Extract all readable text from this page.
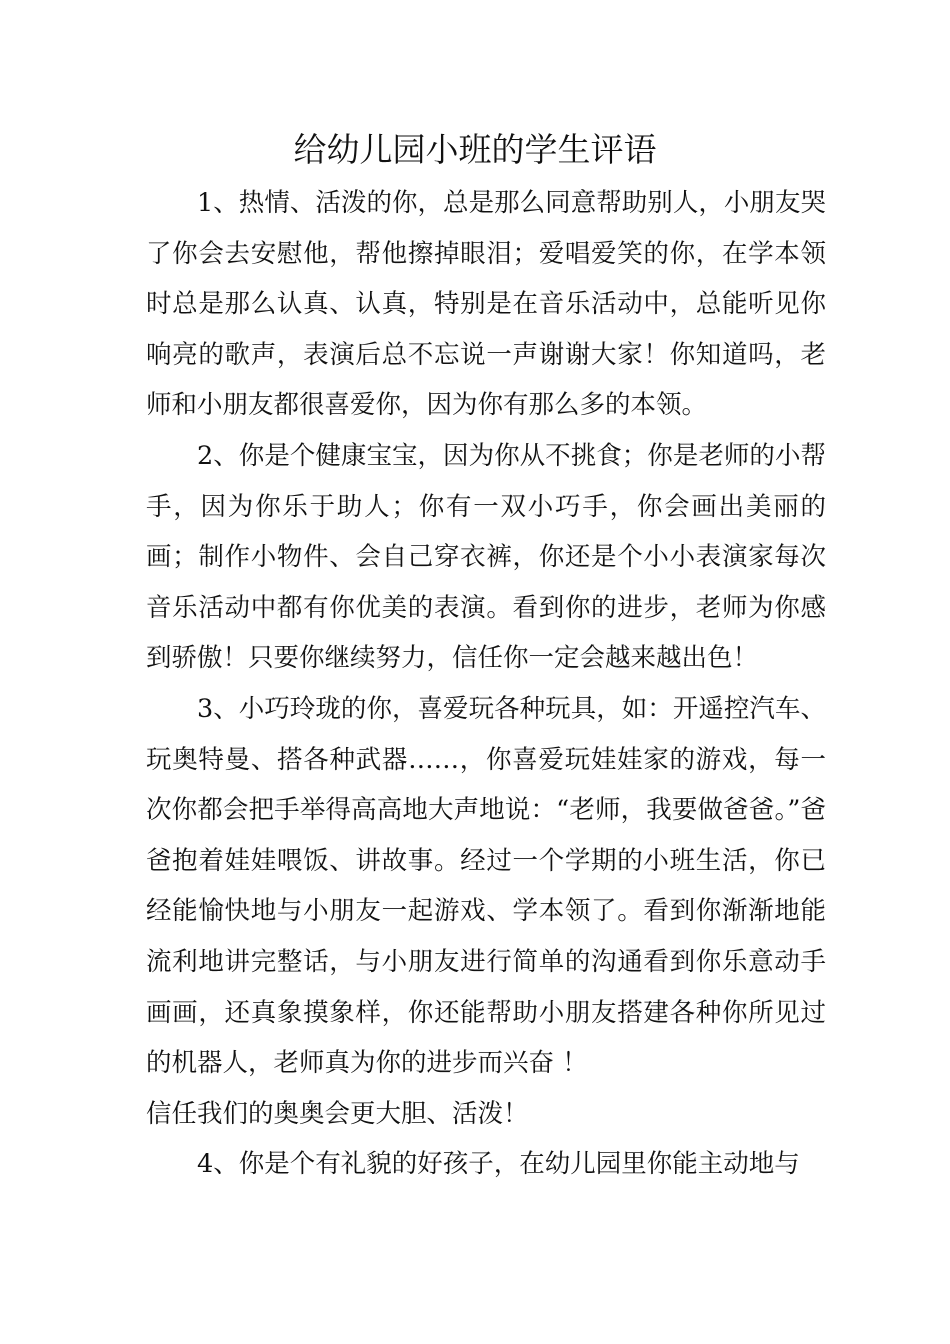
给幼儿园小班的学生评语

1、热情、活泼的你，总是那么同意帮助别人，小朋友哭了你会去安慰他，帮他擦掉眼泪；爱唱爱笑的你，在学本领时总是那么认真、认真，特别是在音乐活动中，总能听见你响亮的歌声，表演后总不忘说一声谢谢大家！你知道吗，老师和小朋友都很喜爱你，因为你有那么多的本领。

2、你是个健康宝宝，因为你从不挑食；你是老师的小帮手，因为你乐于助人；你有一双小巧手，你会画出美丽的画；制作小物件、会自己穿衣裤，你还是个小小表演家每次音乐活动中都有你优美的表演。看到你的进步，老师为你感到骄傲！只要你继续努力，信任你一定会越来越出色！

3、小巧玲珑的你，喜爱玩各种玩具，如：开遥控汽车、玩奥特曼、搭各种武器……，你喜爱玩娃娃家的游戏，每一次你都会把手举得高高地大声地说：“老师，我要做爸爸。”爸爸抱着娃娃喂饭、讲故事。经过一个学期的小班生活，你已经能愉快地与小朋友一起游戏、学本领了。看到你渐渐地能流利地讲完整话，与小朋友进行简单的沟通看到你乐意动手画画，还真象摸象样，你还能帮助小朋友搭建各种你所见过的机器人，老师真为你的进步而兴奋 ！

信任我们的奥奥会更大胆、活泼！

4、你是个有礼貌的好孩子，在幼儿园里你能主动地与
